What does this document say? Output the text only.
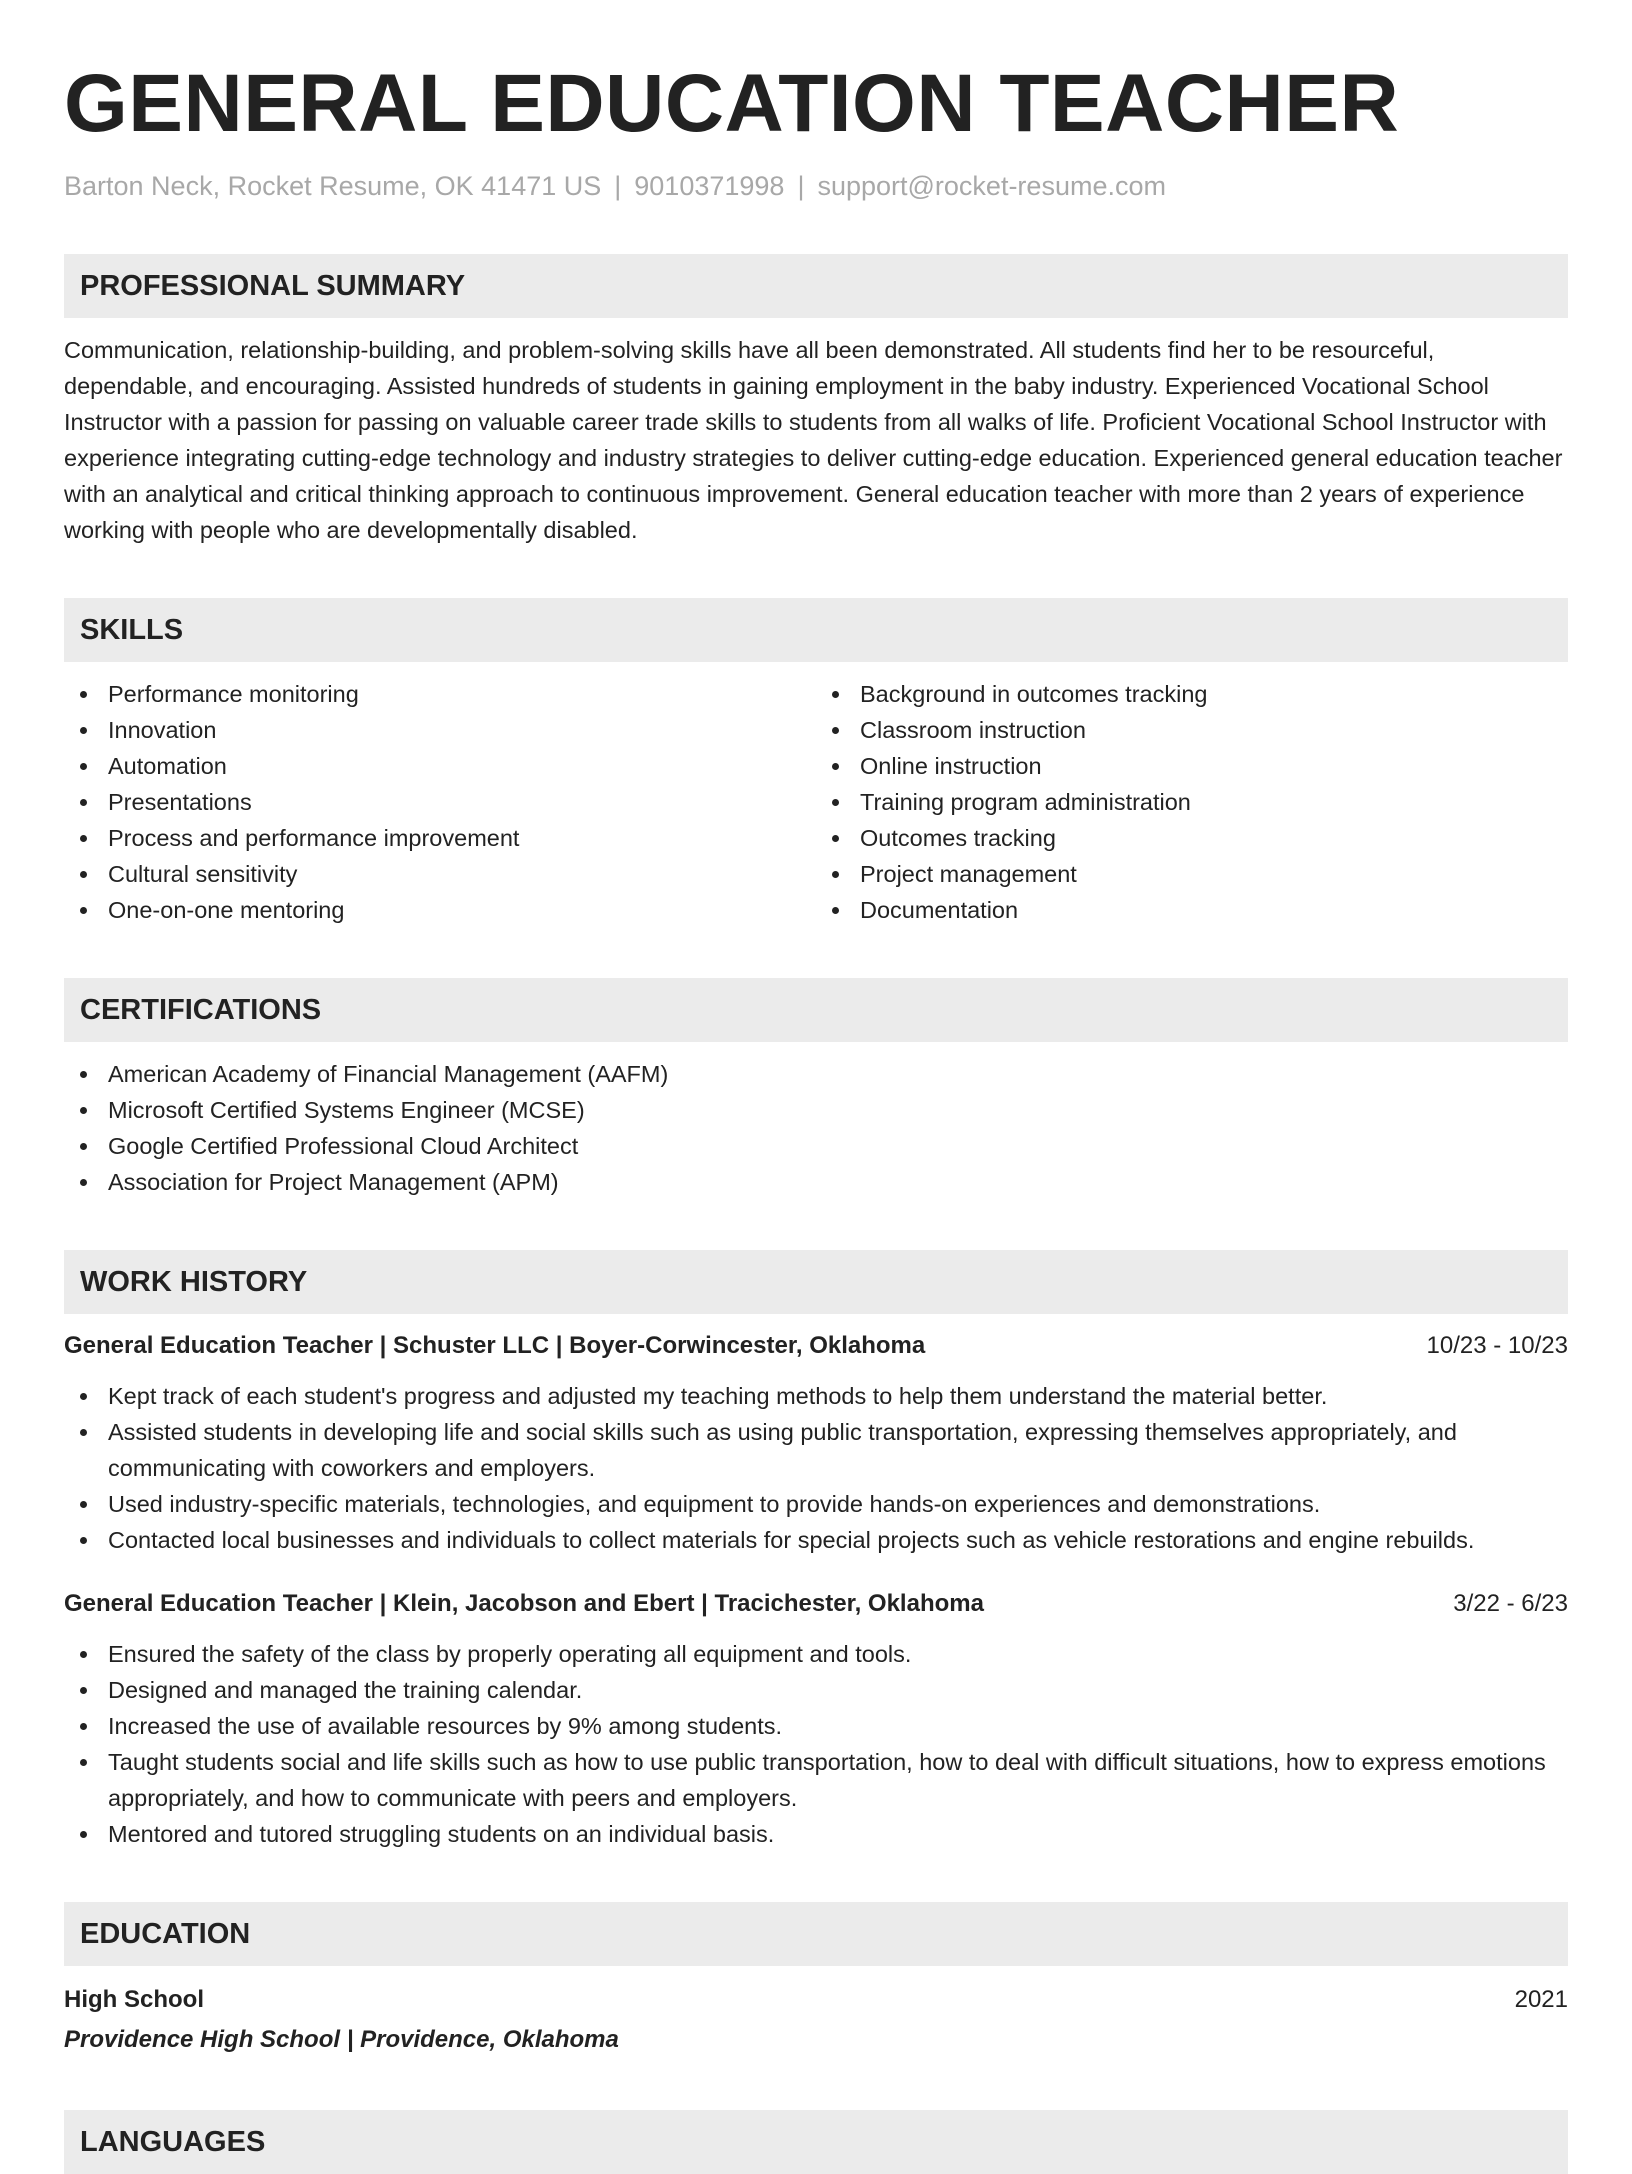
GENERAL EDUCATION TEACHER
Barton Neck, Rocket Resume, OK 41471 US | 9010371998 | support@rocket-resume.com
PROFESSIONAL SUMMARY

Communication, relationship-building, and problem-solving skills have all been demonstrated. All students find her to be resourceful, dependable, and encouraging. Assisted hundreds of students in gaining employment in the baby industry. Experienced Vocational School Instructor with a passion for passing on valuable career trade skills to students from all walks of life. Proficient Vocational School Instructor with experience integrating cutting-edge technology and industry strategies to deliver cutting-edge education. Experienced general education teacher with an analytical and critical thinking approach to continuous improvement. General education teacher with more than 2 years of experience working with people who are developmentally disabled.

SKILLS
Performance monitoring
Innovation
Automation
Presentations
Process and performance improvement
Cultural sensitivity
One-on-one mentoring
Background in outcomes tracking
Classroom instruction
Online instruction
Training program administration
Outcomes tracking
Project management
Documentation
CERTIFICATIONS
American Academy of Financial Management (AAFM)
Microsoft Certified Systems Engineer (MCSE)
Google Certified Professional Cloud Architect
Association for Project Management (APM)
WORK HISTORY
General Education Teacher | Schuster LLC | Boyer-Corwincester, Oklahoma	10/23 - 10/23
Kept track of each student's progress and adjusted my teaching methods to help them understand the material better.
Assisted students in developing life and social skills such as using public transportation, expressing themselves appropriately, and communicating with coworkers and employers.
Used industry-specific materials, technologies, and equipment to provide hands-on experiences and demonstrations.
Contacted local businesses and individuals to collect materials for special projects such as vehicle restorations and engine rebuilds.
General Education Teacher | Klein, Jacobson and Ebert | Tracichester, Oklahoma	3/22 - 6/23
Ensured the safety of the class by properly operating all equipment and tools.
Designed and managed the training calendar.
Increased the use of available resources by 9% among students.
Taught students social and life skills such as how to use public transportation, how to deal with difficult situations, how to express emotions appropriately, and how to communicate with peers and employers.
Mentored and tutored struggling students on an individual basis.
EDUCATION
High School	2021
Providence High School | Providence, Oklahoma
LANGUAGES
